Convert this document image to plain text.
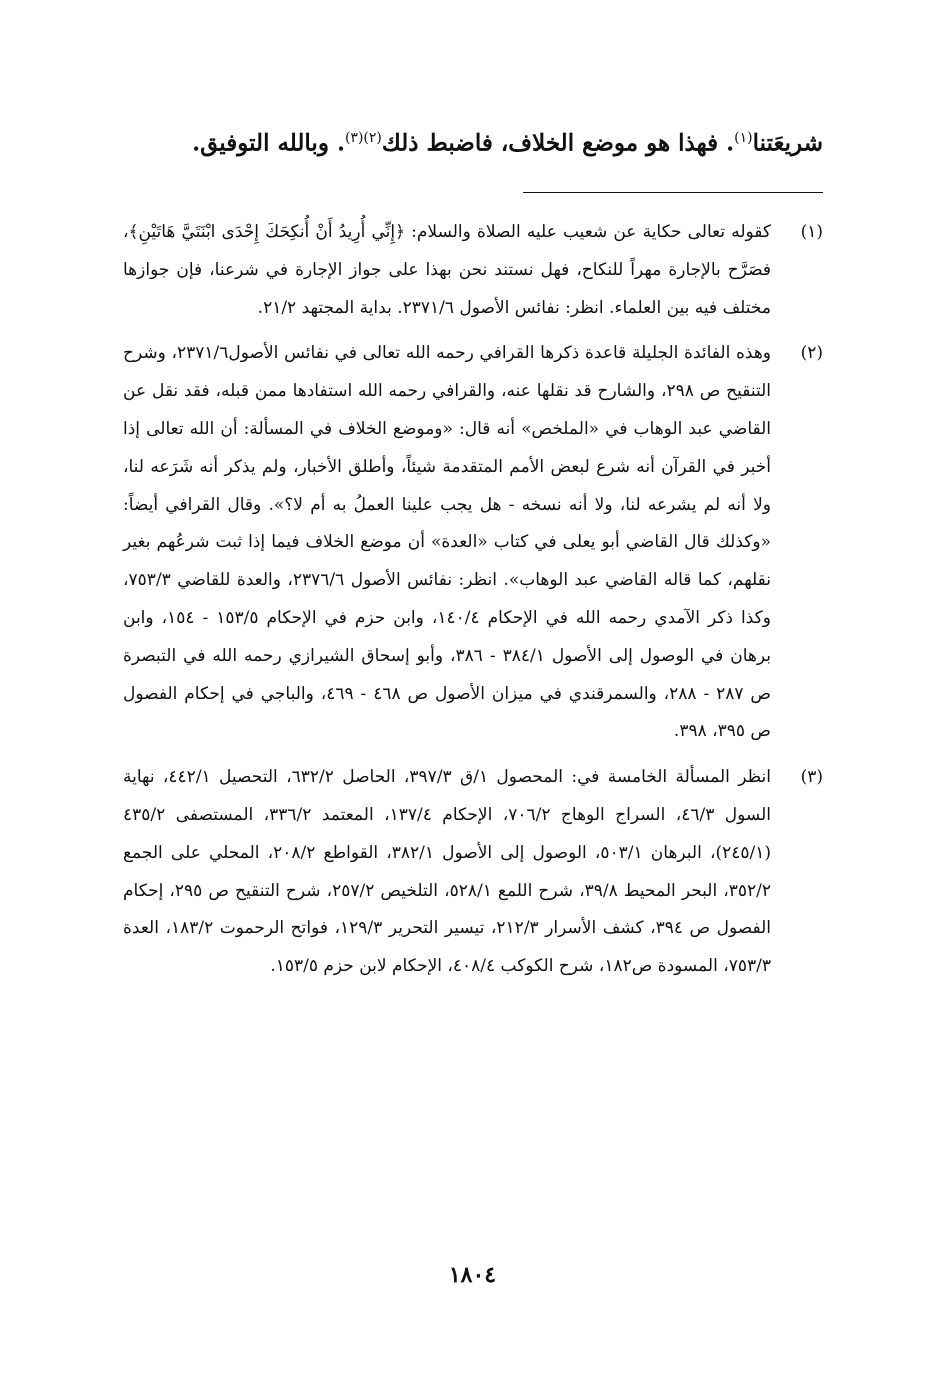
شريعَتنا$^{(١)}$. فهذا هو موضع الخلاف، فاضبط ذلك$^{(٢)(٣)}$. وبالله التوفيق.
(١)
كقوله تعالى حكاية عن شعيب عليه الصلاة والسلام: ﴿إِنِّي أُرِيدُ أَنْ أُنكِحَكَ إِحْدَى ابْنَتَيَّ هَاتَيْنِ﴾، فصَرَّح بالإجارة مهراً للنكاح، فهل نستند نحن بهذا على جواز الإجارة في شرعنا، فإن جوازها مختلف فيه بين العلماء. انظر: نفائس الأصول ٢٣٧١/٦. بداية المجتهد ٢١/٢.
(٢)
وهذه الفائدة الجليلة قاعدة ذكرها القرافي رحمه الله تعالى في نفائس الأصول٢٣٧١/٦، وشرح التنقيح ص ٢٩٨، والشارح قد نقلها عنه، والقرافي رحمه الله استفادها ممن قبله، فقد نقل عن القاضي عبد الوهاب في «الملخص» أنه قال: «وموضع الخلاف في المسألة: أن الله تعالى إذا أخبر في القرآن أنه شرع لبعض الأمم المتقدمة شيئاً، وأطلق الأخبار، ولم يذكر أنه شَرَعه لنا، ولا أنه لم يشرعه لنا، ولا أنه نسخه - هل يجب علينا العملُ به أم لا؟». وقال القرافي أيضاً: «وكذلك قال القاضي أبو يعلى في كتاب «العدة» أن موضع الخلاف فيما إذا ثبت شرعُهم بغير نقلهم، كما قاله القاضي عبد الوهاب». انظر: نفائس الأصول ٢٣٧٦/٦، والعدة للقاضي ٧٥٣/٣، وكذا ذكر الآمدي رحمه الله في الإحكام ١٤٠/٤، وابن حزم في الإحكام ١٥٣/٥ - ١٥٤، وابن برهان في الوصول إلى الأصول ٣٨٤/١ - ٣٨٦، وأبو إسحاق الشيرازي رحمه الله في التبصرة ص ٢٨٧ - ٢٨٨، والسمرقندي في ميزان الأصول ص ٤٦٨ - ٤٦٩، والباجي في إحكام الفصول ص ٣٩٥، ٣٩٨.
(٣)
انظر المسألة الخامسة في: المحصول ١/ق ٣٩٧/٣، الحاصل ٦٣٢/٢، التحصيل ٤٤٢/١، نهاية السول ٤٦/٣، السراج الوهاج ٧٠٦/٢، الإحكام ١٣٧/٤، المعتمد ٣٣٦/٢، المستصفى ٤٣٥/٢ (٢٤٥/١)، البرهان ٥٠٣/١، الوصول إلى الأصول ٣٨٢/١، القواطع ٢٠٨/٢، المحلي على الجمع ٣٥٢/٢، البحر المحيط ٣٩/٨، شرح اللمع ٥٢٨/١، التلخيص ٢٥٧/٢، شرح التنقيح ص ٢٩٥، إحكام الفصول ص ٣٩٤، كشف الأسرار ٢١٢/٣، تيسير التحرير ١٢٩/٣، فواتح الرحموت ١٨٣/٢، العدة ٧٥٣/٣، المسودة ص١٨٢، شرح الكوكب ٤٠٨/٤، الإحكام لابن حزم ١٥٣/٥.
١٨٠٤
